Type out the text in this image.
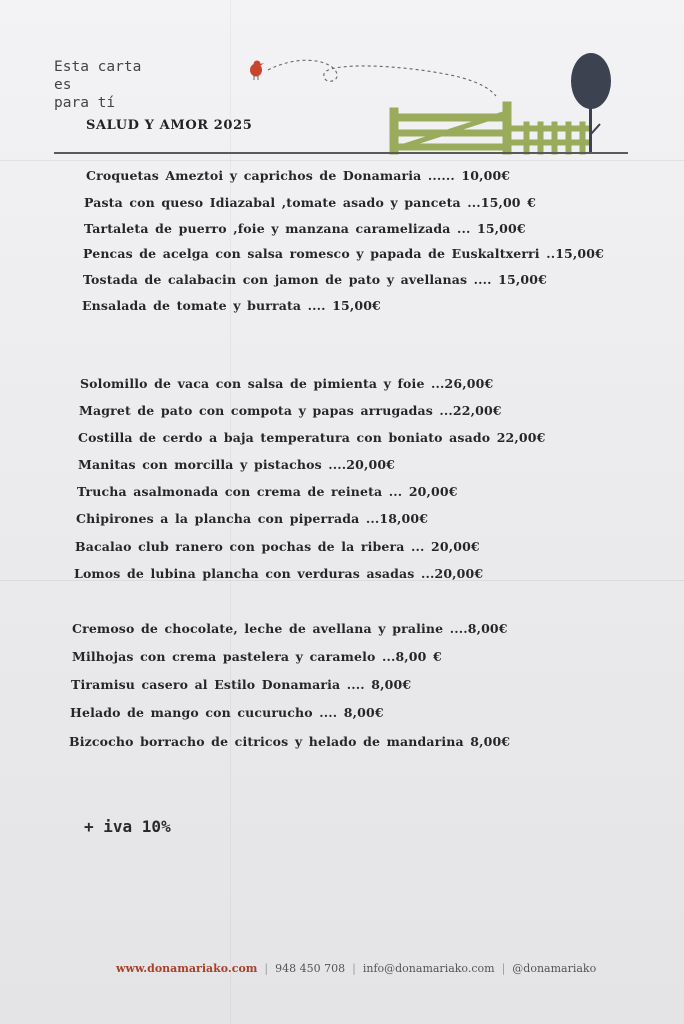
Esta carta
es
para tí
SALUD Y AMOR 2025
Croquetas Ameztoi y caprichos de Donamaria ...... 10,00€
Pasta con queso Idiazabal ,tomate asado y panceta ...15,00 €
Tartaleta de puerro ,foie y manzana caramelizada ... 15,00€
Pencas de acelga con salsa romesco y papada de Euskaltxerri ..15,00€
Tostada de calabacin con jamon de pato y avellanas .... 15,00€
Ensalada de tomate y burrata .... 15,00€
Solomillo de vaca con salsa de pimienta y foie ...26,00€
Magret de pato con compota y papas arrugadas ...22,00€
Costilla de cerdo a baja temperatura con boniato asado 22,00€
Manitas con morcilla y pistachos ....20,00€
Trucha asalmonada con crema de reineta ... 20,00€
Chipirones a la plancha con piperrada ...18,00€
Bacalao club ranero con pochas de la ribera ... 20,00€
Lomos de lubina plancha con verduras asadas ...20,00€
Cremoso de chocolate, leche de avellana y praline ....8,00€
Milhojas con crema pastelera y caramelo ...8,00 €
Tiramisu casero al Estilo Donamaria .... 8,00€
Helado de mango con cucurucho .... 8,00€
Bizcocho borracho de citricos y helado de mandarina 8,00€
+ iva 10%
www.donamariako.com | 948 450 708 | info@donamariako.com | @donamariako
